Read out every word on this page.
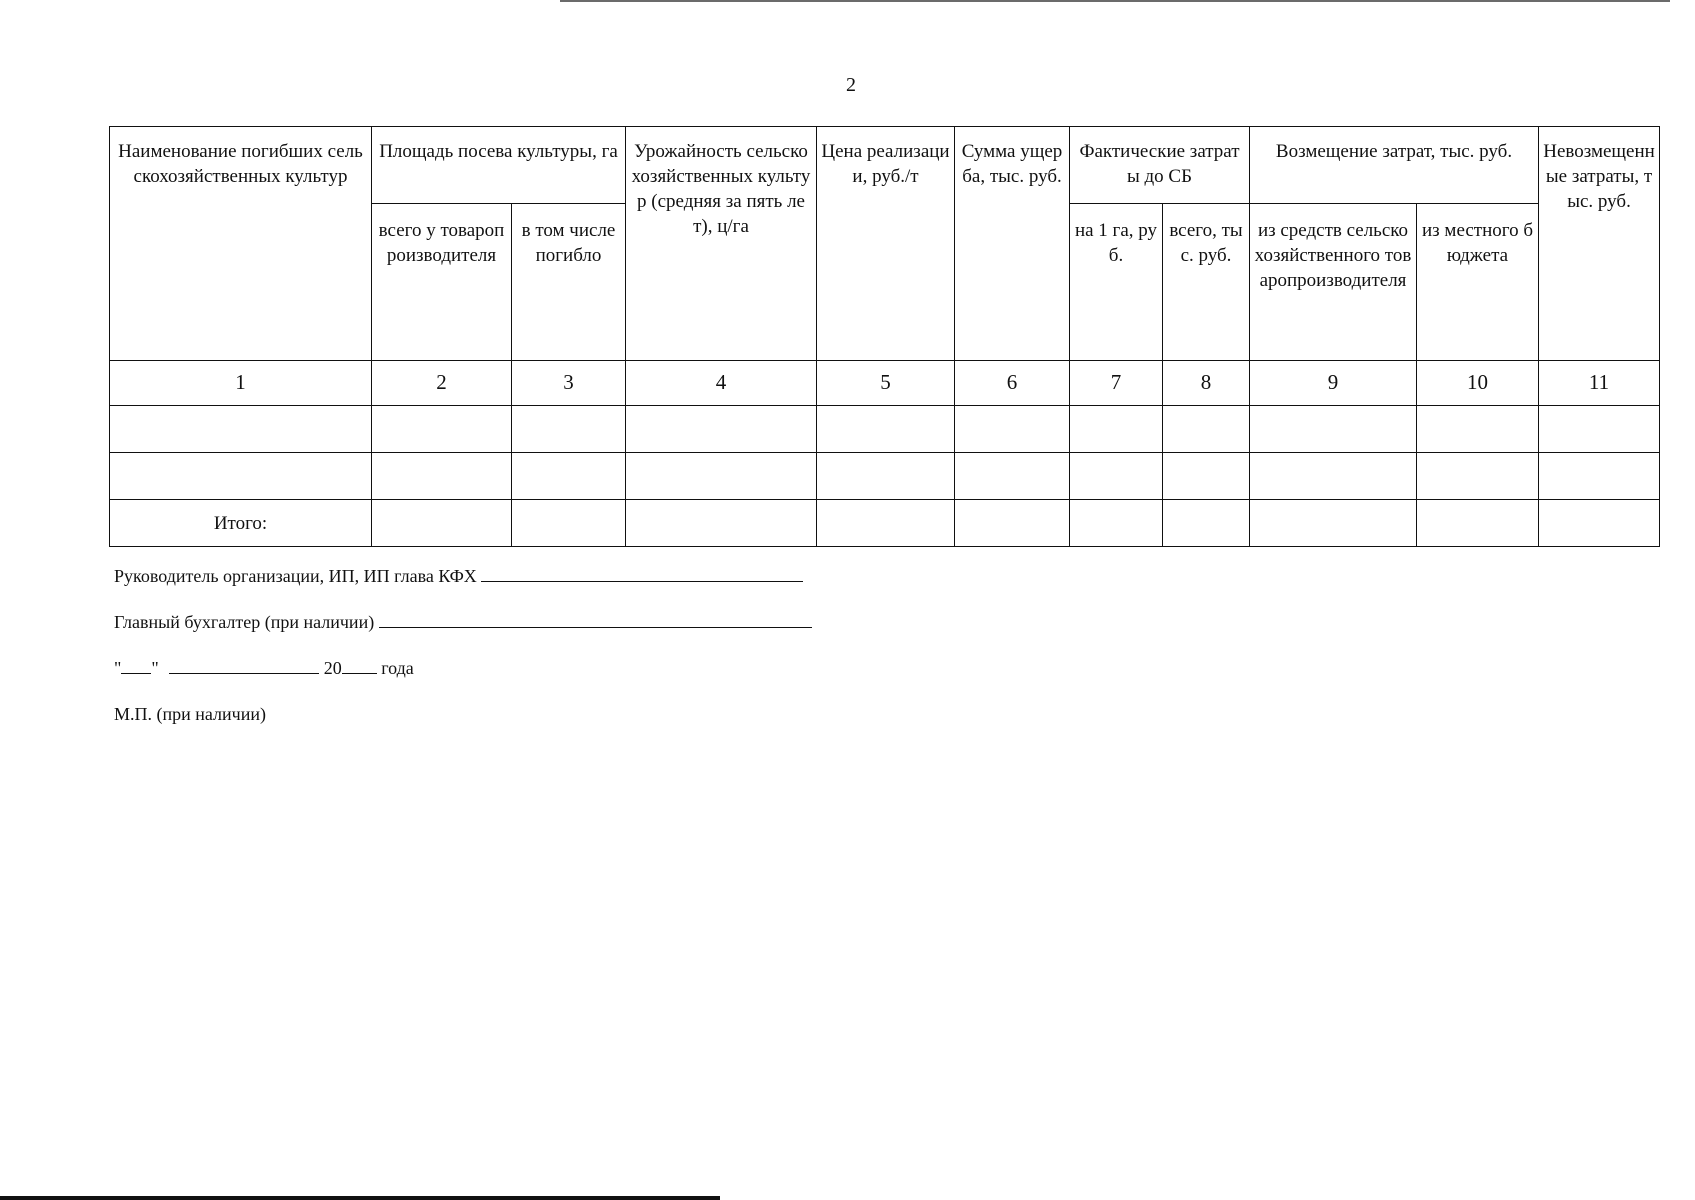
2
Наименование погибших сельскохозяйственных культур	Площадь посева культуры, га		Урожайность сельскохозяйственных культур (средняя за пять лет), ц/га	Цена реализации, руб./т	Сумма ущерба, тыс. руб.	Фактические затраты до СБ		Возмещение затрат, тыс. руб.		Невозмещенные затраты, тыс. руб.
	всего у товаропроизводителя	в том числе погибло				на 1 га, руб.	всего, тыс. руб.	из средств сельскохозяйственного товаропроизводителя	из местного бюджета	
1	2	3	4	5	6	7	8	9	10	11

Итого:										
Руководитель организации, ИП, ИП глава КФХ
Главный бухгалтер (при наличии)
" "	20 года
М.П. (при наличии)
